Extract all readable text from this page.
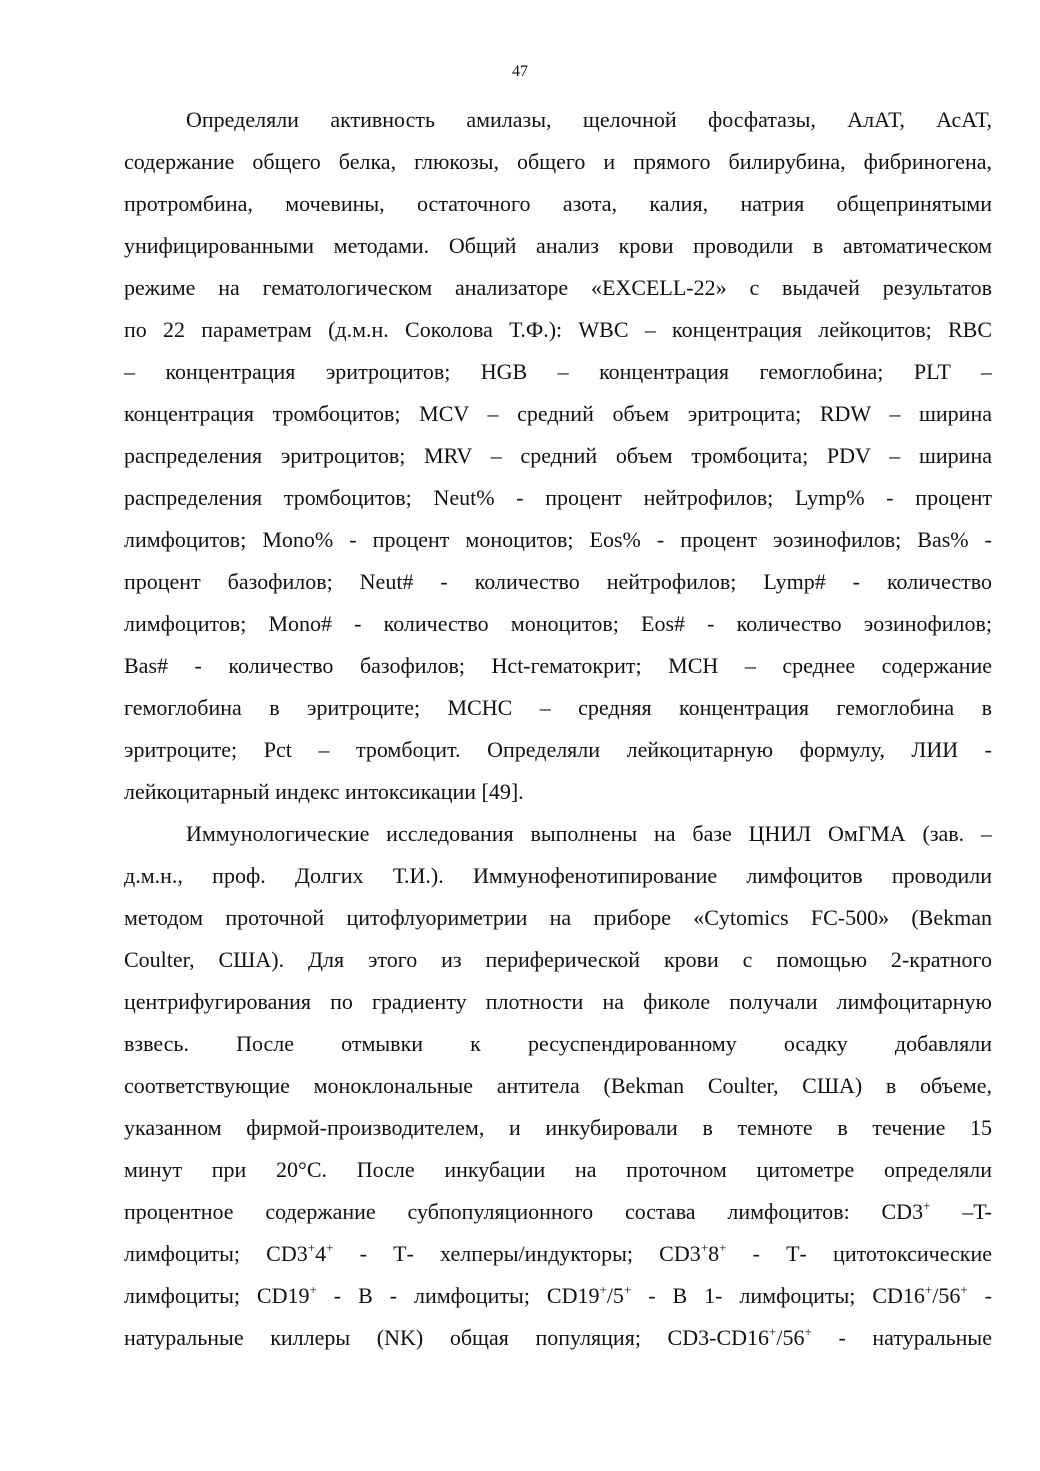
47
Определяли активность амилазы, щелочной фосфатазы, АлАТ, АсАТ,
содержание общего белка, глюкозы, общего и прямого билирубина, фибриногена,
протромбина, мочевины, остаточного азота, калия, натрия общепринятыми
унифицированными методами. Общий анализ крови проводили в автоматическом
режиме на гематологическом анализаторе «EXCELL-22» с выдачей результатов
по 22 параметрам (д.м.н. Соколова Т.Ф.): WBC – концентрация лейкоцитов; RBC
– концентрация эритроцитов; HGB – концентрация гемоглобина; PLT –
концентрация тромбоцитов; MCV – средний объем эритроцита; RDW – ширина
распределения эритроцитов; MRV – средний объем тромбоцита; PDV – ширина
распределения тромбоцитов; Neut% - процент нейтрофилов; Lymp% - процент
лимфоцитов; Mono% - процент моноцитов; Eos% - процент эозинофилов; Bas% -
процент базофилов; Neut# - количество нейтрофилов; Lymp# - количество
лимфоцитов; Mono# - количество моноцитов; Eos# - количество эозинофилов;
Bas# - количество базофилов; Hct-гематокрит; MCH – среднее содержание
гемоглобина в эритроците; MCHC – средняя концентрация гемоглобина в
эритроците; Pct – тромбоцит. Определяли лейкоцитарную формулу, ЛИИ -
лейкоцитарный индекс интоксикации [49].
Иммунологические исследования выполнены на базе ЦНИЛ ОмГМА (зав. –
д.м.н., проф. Долгих Т.И.). Иммунофенотипирование лимфоцитов проводили
методом проточной цитофлуориметрии на приборе «Cytomics FC-500» (Bekman
Coulter, США). Для этого из периферической крови с помощью 2-кратного
центрифугирования по градиенту плотности на фиколе получали лимфоцитарную
взвесь. После отмывки к ресуспендированному осадку добавляли
соответствующие моноклональные антитела (Bekman Coulter, США) в объеме,
указанном фирмой-производителем, и инкубировали в темноте в течение 15
минут при 20°С. После инкубации на проточном цитометре определяли
процентное содержание субпопуляционного состава лимфоцитов: CD3+ –T-
лимфоциты; CD3+4+ - Т- хелперы/индукторы; CD3+8+ - Т- цитотоксические
лимфоциты; CD19+ - В - лимфоциты; CD19+/5+ - В 1- лимфоциты; CD16+/56+ -
натуральные киллеры (NK) общая популяция; CD3-CD16+/56+ - натуральные
